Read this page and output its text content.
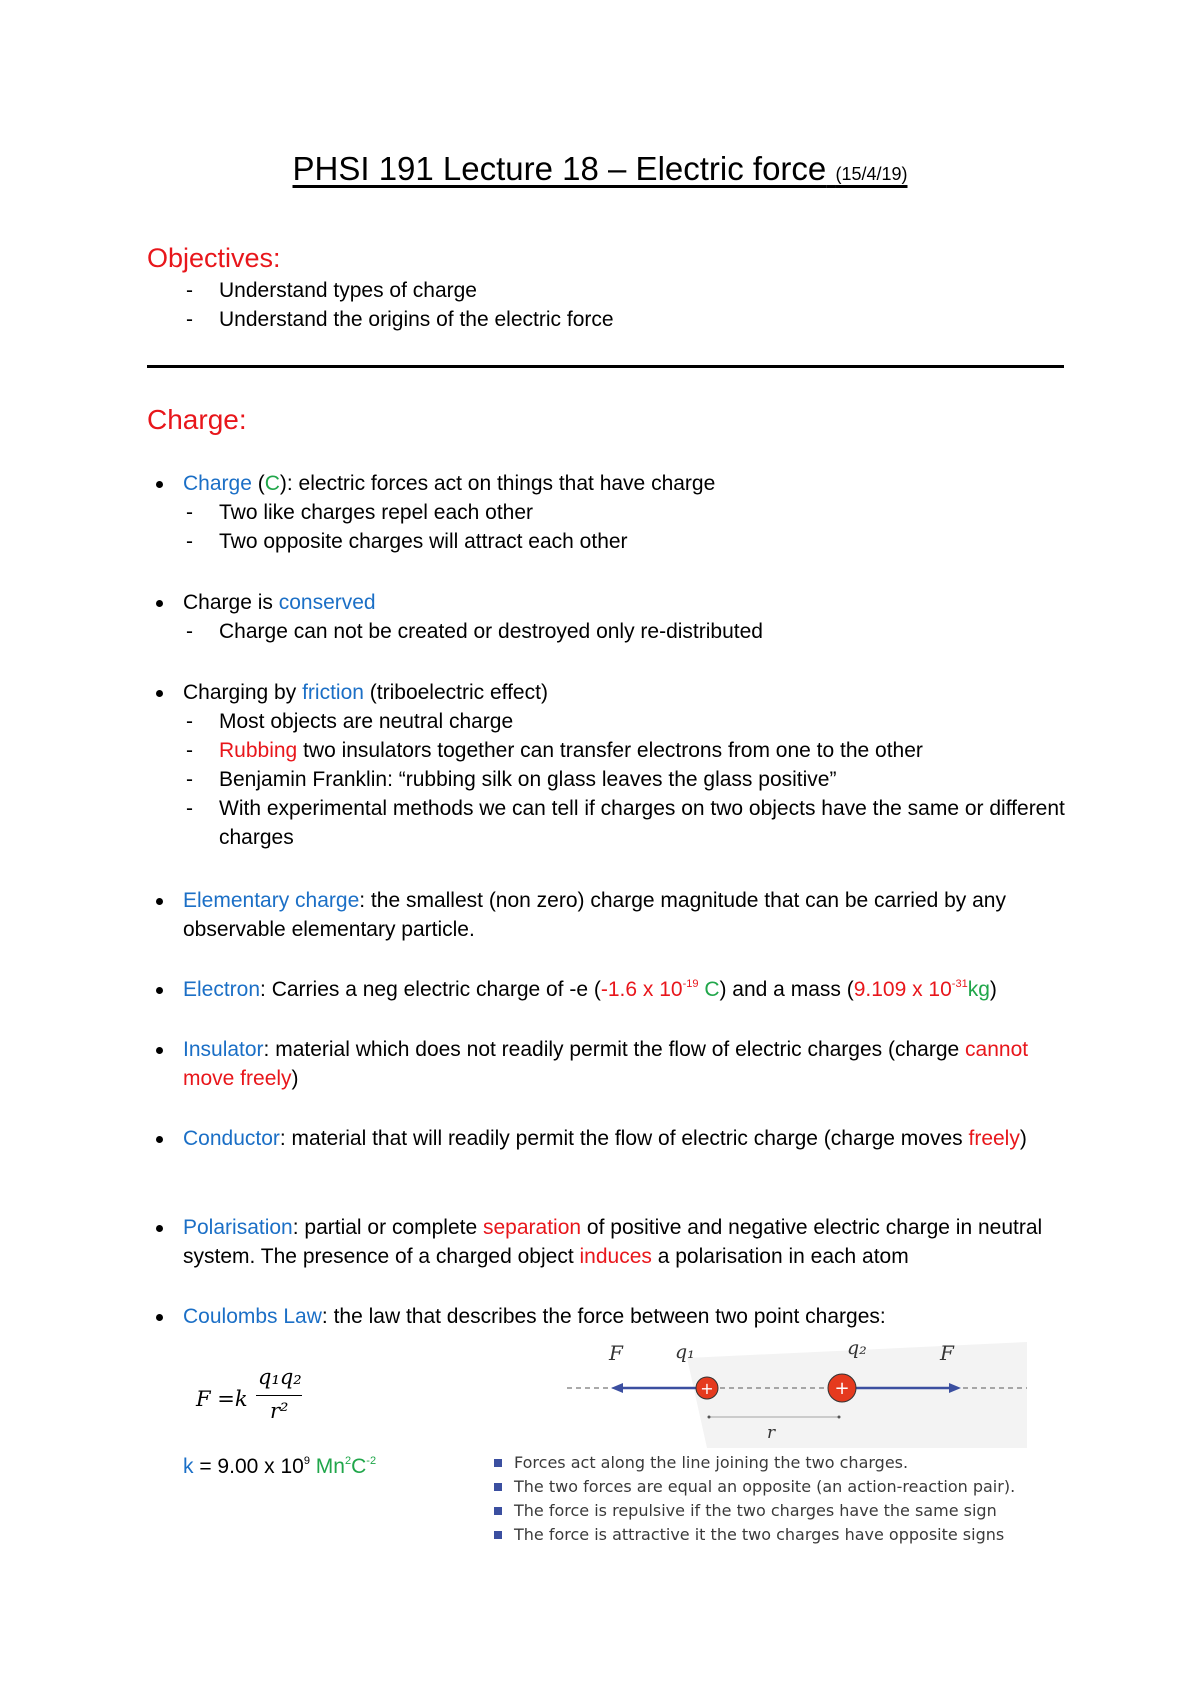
PHSI 191 Lecture 18 – Electric force (15/4/19)
Objectives:
- Understand types of charge
- Understand the origins of the electric force
Charge:
Charge (C): electric forces act on things that have charge
- Two like charges repel each other
- Two opposite charges will attract each other
Charge is conserved
- Charge can not be created or destroyed only re-distributed
Charging by friction (triboelectric effect)
- Most objects are neutral charge
- Rubbing two insulators together can transfer electrons from one to the other
- Benjamin Franklin: “rubbing silk on glass leaves the glass positive”
- With experimental methods we can tell if charges on two objects have the same or different charges
Elementary charge: the smallest (non zero) charge magnitude that can be carried by any observable elementary particle.
Electron: Carries a neg electric charge of -e (-1.6 x $10^{-19}$ C) and a mass (9.109 x $10^{-31}kg$)
Insulator: material which does not readily permit the flow of electric charges (charge cannot move freely)
Conductor: material that will readily permit the flow of electric charge (charge moves freely)
Polarisation: partial or complete separation of positive and negative electric charge in neutral system. The presence of a charged object induces a polarisation in each atom
Coulombs Law: the law that describes the force between two point charges:
F =k
q₁q₂
r²
k = 9.00 x $10^9$ $Mn^2C^{-2}$
+	+
F	q₁	q₂	F
r
Forces act along the line joining the two charges.
The two forces are equal an opposite (an action-reaction pair).
The force is repulsive if the two charges have the same sign
The force is attractive it the two charges have opposite signs
